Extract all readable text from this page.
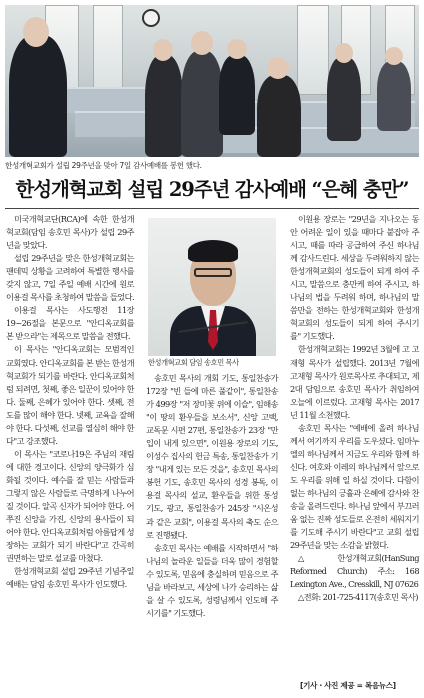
한성개혁교회가 설립 29주년을 맞아 7일 감사예배를 봉헌 했다.
한성개혁교회 설립 29주년 감사예배 “은혜 충만”

미국개혁교단(RCA)에 속한 한성개혁교회(담임 송호민 목사)가 설립 29주년을 맞았다.

설립 29주년을 맞은 한성개혁교회는 팬데믹 상황을 고려하여 특별한 행사를 갖지 않고, 7일 주일 예배 시간에 원로 이용걸 목사를 초청하여 말씀을 들었다.

이용걸 목사는 사도행전 11장 19~26절을 본문으로 "안디옥교회를 본 받으라"는 제목으로 말씀을 전했다.

이 목사는 "안디옥교회는 모범적인 교회였다. 안디옥교회를 본 받는 한성개혁교회가 되기를 바란다. 안디옥교회처럼 되려면, 첫째, 좋은 일꾼이 있어야 한다. 둘째, 은혜가 있어야 한다. 셋째, 전도를 많이 해야 한다. 넷째, 교육을 잘해야 한다. 다섯째, 선교를 열심히 해야 한다"고 강조했다.

이 목사는 "코로나19은 주님의 재림에 대한 경고이다. 신앙의 양극화가 심화될 것이다. 예수를 잘 믿는 사람들과 그렇지 않은 사람들로 극명하게 나누어질 것이다. 알곡 신자가 되어야 한다. 어쭈진 신앙을 가진, 신앙의 용사들이 되어야 한다. 안디옥교회처럼 아름답게 성장하는 교회가 되기 바란다"고 간곡히 권면하는 말로 설교를 마쳤다.

한성개혁교회 설립 29주년 기념주일 예배는 담임 송호민 목사가 인도했다.

한성개혁교회 담임 송호민 목사

송호민 목사의 개회 기도, 통일찬송가 172장 "빈 들에 마른 풀같이", 통일찬송가 499장 "저 장미꽃 위에 이슬", 임해송 "이 땅의 환우들을 보소서", 신앙 고백, 교독문 시편 27편, 통일찬송가 23장 "만 입이 내게 있으면", 이원용 장로의 기도, 이성수 집사의 헌금 특송, 통일찬송가 기장 "내게 있는 모든 것을", 송호민 목사의 봉헌 기도, 송호민 목사의 성경 봉독, 이용걸 목사의 설교, 환우들을 위한 통성 기도, 광고, 통일찬송가 245장 "시온성과 같은 교회", 이용걸 목사의 축도 순으로 진행됐다.

송호민 목사는 예배를 시작하면서 "하나님의 놀라운 일들을 더욱 많이 경험할 수 있도록, 믿음에 충실하며 믿음으로 주님을 바라보고, 세상에 나가 승리하는 삶을 살 수 있도록, 성령님께서 인도해 주시기를" 기도했다.

이원용 장로는 "29년을 지나오는 동안 어려운 일이 있을 때마다 붙잡아 주시고, 때를 따라 공급하여 주신 하나님께 감사드린다. 세상을 두려워하지 않는 한성개혁교회의 성도들이 되게 하여 주시고, 말씀으로 충만케 하여 주시고, 하나님의 법을 두려워 하며, 하나님의 말씀만을 전하는 한성개혁교회와 한성개혁교회의 성도들이 되게 하여 주시기를" 기도했다.

한성개혁교회는 1992년 3월에 고 고재형 목사가 설립했다. 2013년 7월에 고재형 목사가 원로목사로 추대되고, 제2대 담임으로 송호민 목사가 취임하여 오늘에 이르렀다. 고재형 목사는 2017년 11월 소천했다.

송호민 목사는 "예배에 올려 하나님께서 여기까지 우리를 도우셨다. 임마누엘의 하나님께서 지금도 우리와 함께 하신다. 여호와 이레의 하나님께서 앞으로도 우리를 위해 일 하실 것이다. 다함이 없는 하나님의 긍휼과 은혜에 감사와 찬송을 올려드린다. 하나님 앞에서 부끄러움 없는 진짜 성도들로 온전히 세워지기를 기도해 주시기 바란다"고 교회 설립 29주년을 맞는 소감을 밝혔다.

△한성개혁교회(HanSung Reformed Church) 주소: 168 Lexington Ave., Cresskill, NJ 07626

△전화: 201-725-4117(송호민 목사)

[기사 · 사진 제공 = 복음뉴스]
